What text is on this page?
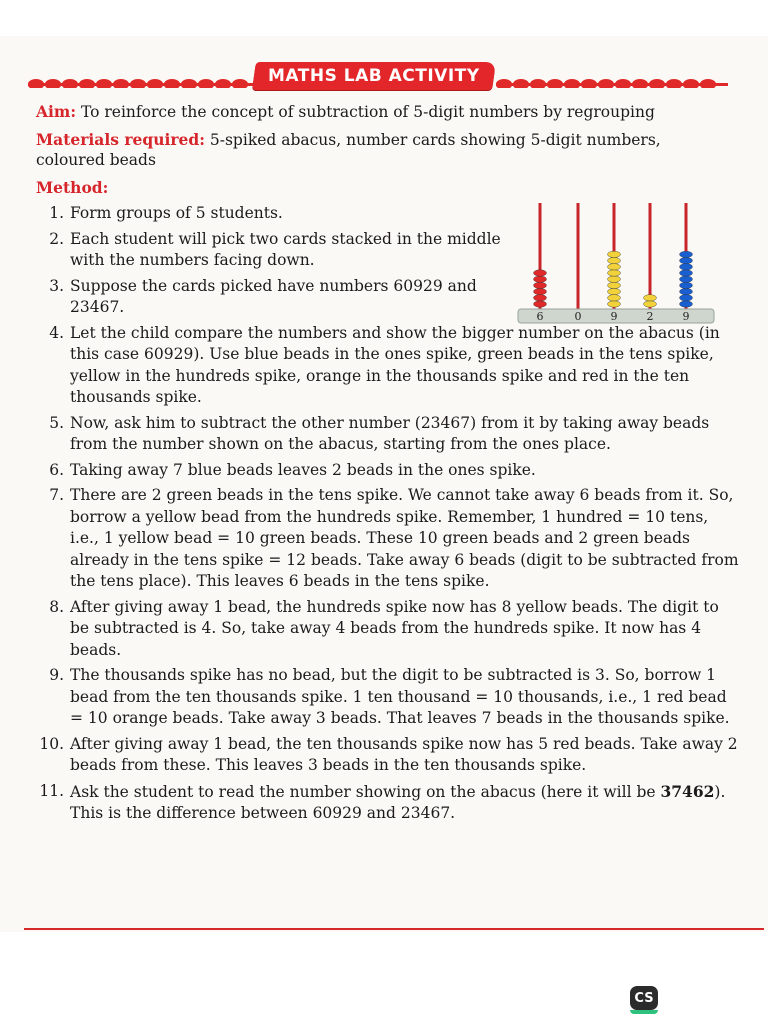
MATHS LAB ACTIVITY
Aim: To reinforce the concept of subtraction of 5-digit numbers by regrouping
Materials required: 5-spiked abacus, number cards showing 5-digit numbers, coloured beads
Method:
1. Form groups of 5 students.
2. Each student will pick two cards stacked in the middle with the numbers facing down.
3. Suppose the cards picked have numbers 60929 and 23467.
4. Let the child compare the numbers and show the bigger number on the abacus (in this case 60929). Use blue beads in the ones spike, green beads in the tens spike, yellow in the hundreds spike, orange in the thousands spike and red in the ten thousands spike.
5. Now, ask him to subtract the other number (23467) from it by taking away beads from the number shown on the abacus, starting from the ones place.
6. Taking away 7 blue beads leaves 2 beads in the ones spike.
7. There are 2 green beads in the tens spike. We cannot take away 6 beads from it. So, borrow a yellow bead from the hundreds spike. Remember, 1 hundred = 10 tens, i.e., 1 yellow bead = 10 green beads. These 10 green beads and 2 green beads already in the tens spike = 12 beads. Take away 6 beads (digit to be subtracted from the tens place). This leaves 6 beads in the tens spike.
8. After giving away 1 bead, the hundreds spike now has 8 yellow beads. The digit to be subtracted is 4. So, take away 4 beads from the hundreds spike. It now has 4 beads.
9. The thousands spike has no bead, but the digit to be subtracted is 3. So, borrow 1 bead from the ten thousands spike. 1 ten thousand = 10 thousands, i.e., 1 red bead = 10 orange beads. Take away 3 beads. That leaves 7 beads in the thousands spike.
10. After giving away 1 bead, the ten thousands spike now has 5 red beads. Take away 2 beads from these. This leaves 3 beads in the ten thousands spike.
11. Ask the student to read the number showing on the abacus (here it will be 37462). This is the difference between 60929 and 23467.
6	0	9	2	9
CS
